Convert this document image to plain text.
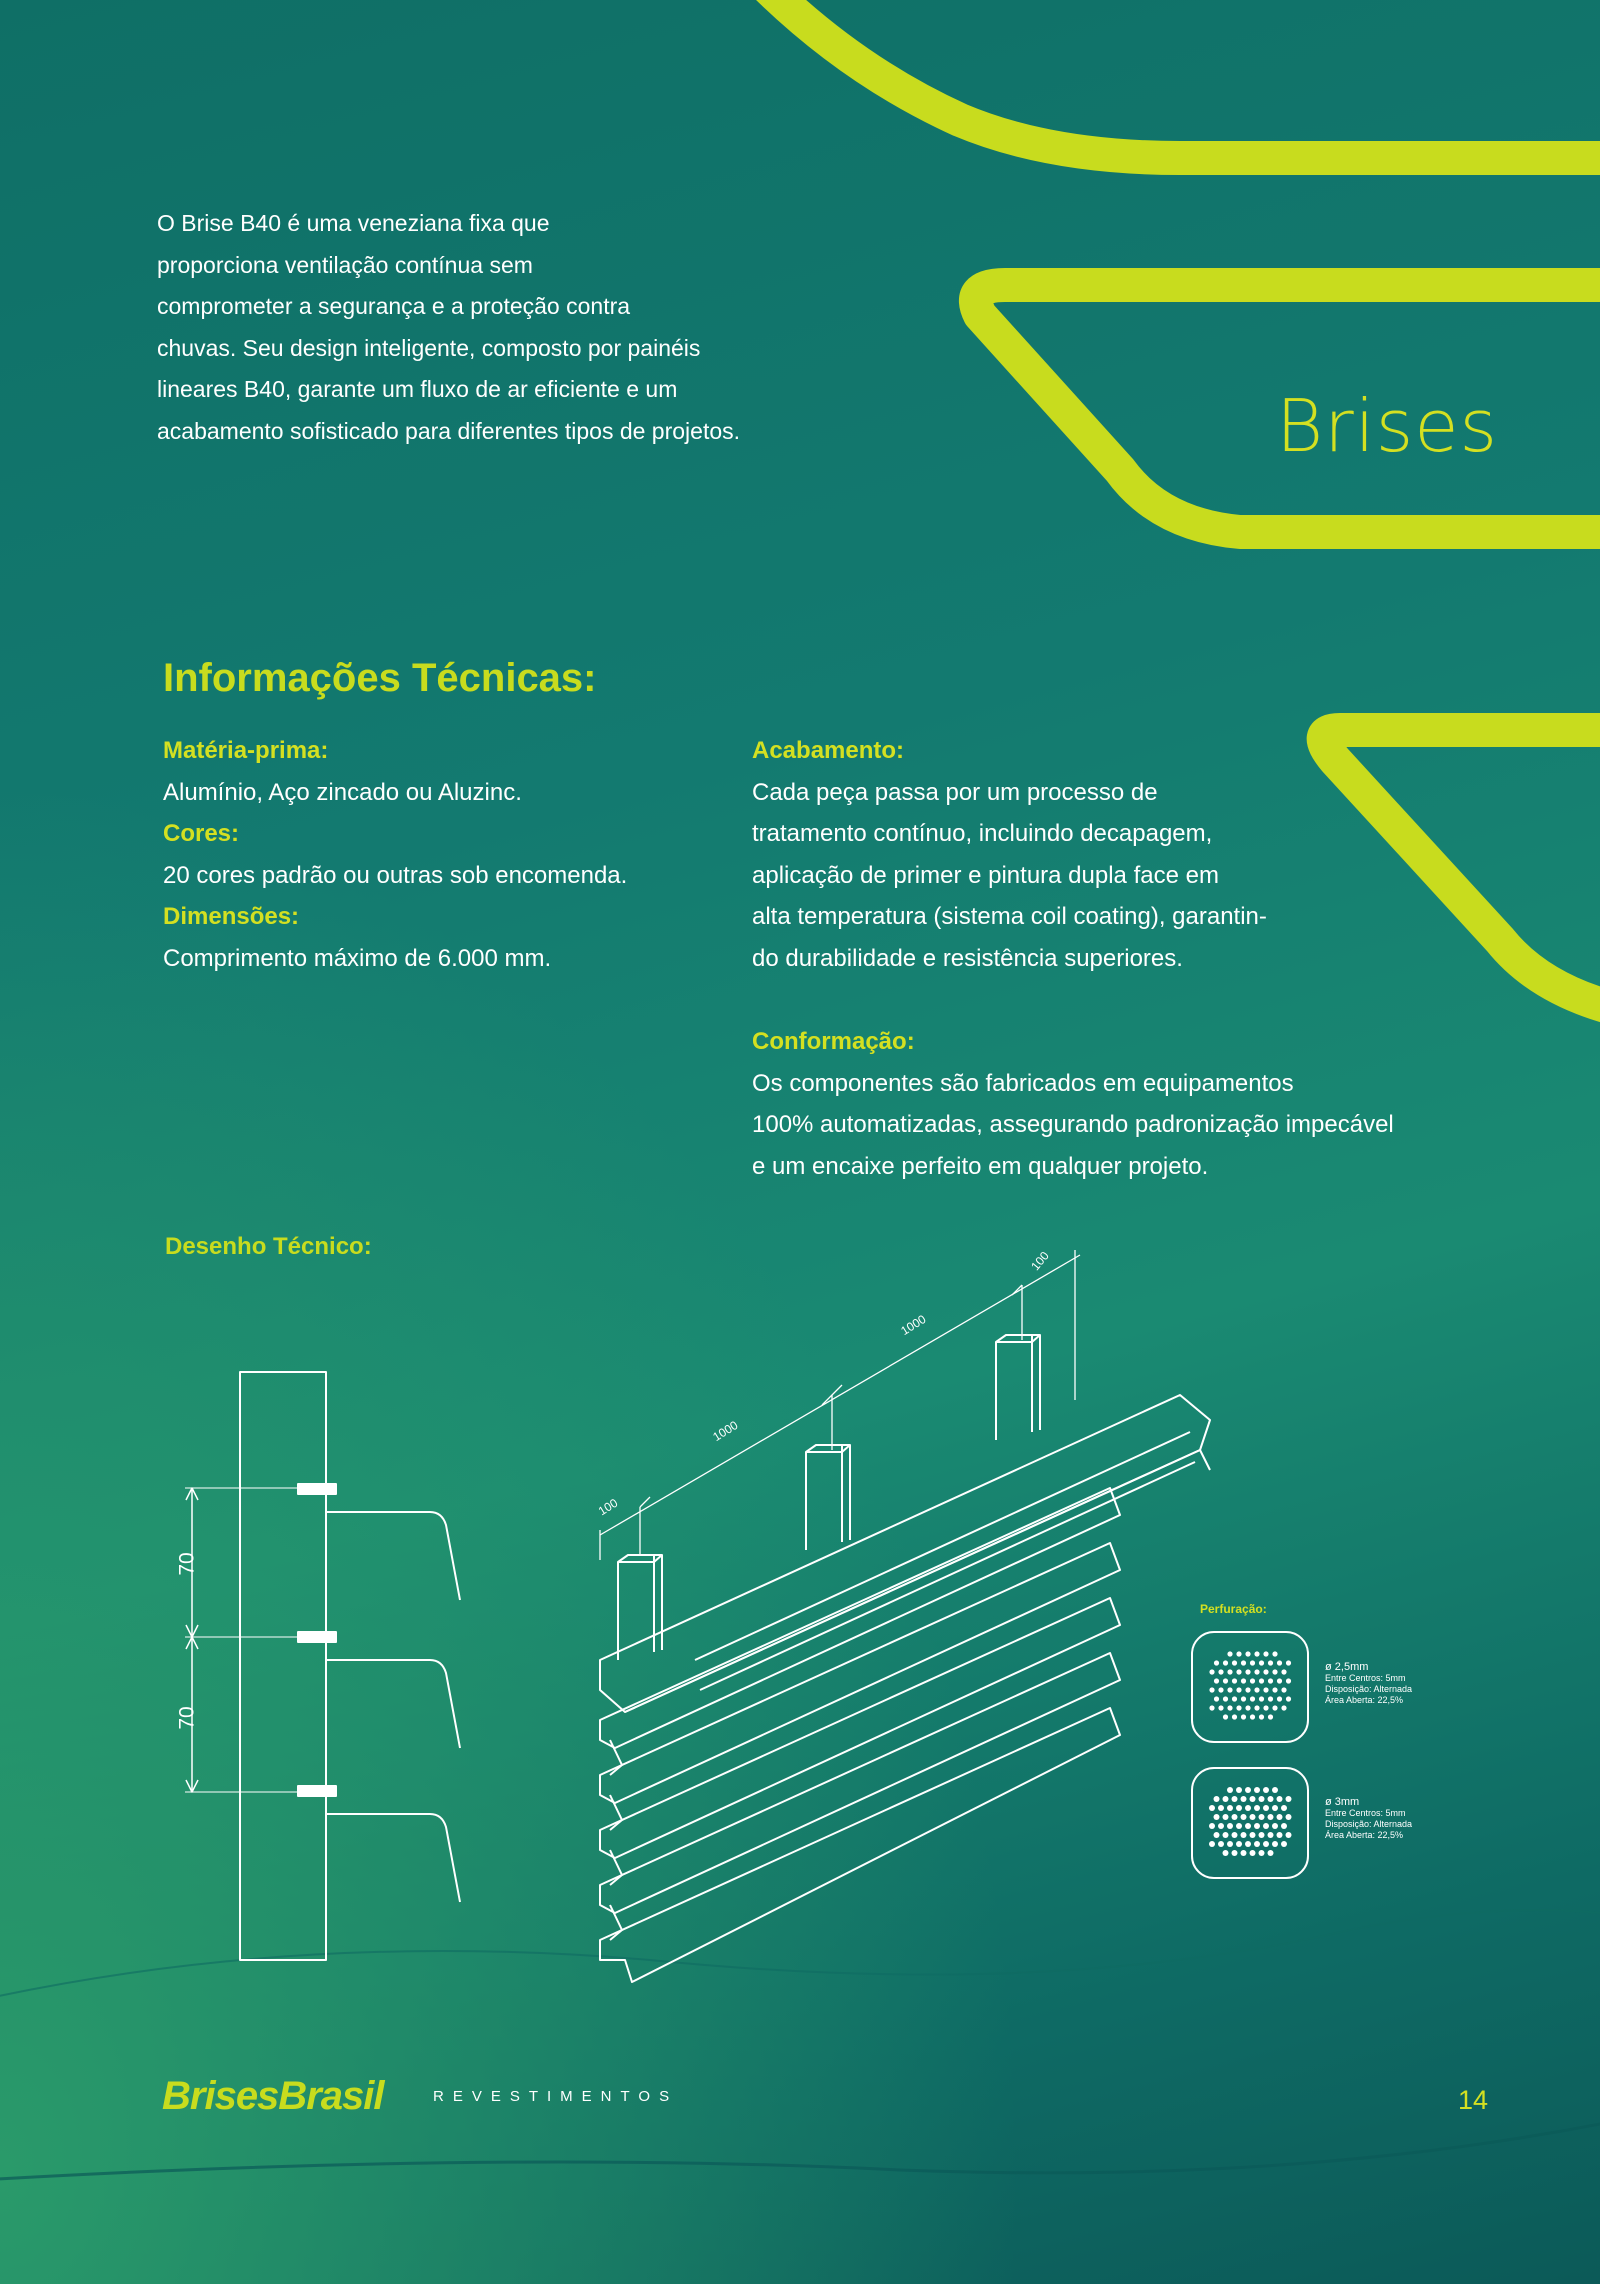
O Brise B40 é uma veneziana fixa que
proporciona ventilação contínua sem
comprometer a segurança e a proteção contra
chuvas. Seu design inteligente, composto por painéis
lineares B40, garante um fluxo de ar eficiente e um
acabamento sofisticado para diferentes tipos de projetos.	Brises
Informações Técnicas:
Matéria-prima:
Alumínio, Aço zincado ou Aluzinc.
Cores:
20 cores padrão ou outras sob encomenda.
Dimensões:
Comprimento máximo de 6.000 mm.
Acabamento:
Cada peça passa por um processo de
tratamento contínuo, incluindo decapagem,
aplicação de primer e pintura dupla face em
alta temperatura (sistema coil coating), garantin-
do durabilidade e resistência superiores.
Conformação:
Os componentes são fabricados em equipamentos
100% automatizadas, assegurando padronização impecável
e um encaixe perfeito em qualquer projeto.
Desenho Técnico:
70
70
100
1000
1000
100
Perfuração:
ø 2,5mm
Entre Centros: 5mm
Disposição: Alternada
Área Aberta: 22,5%
ø 3mm
Entre Centros: 5mm
Disposição: Alternada
Área Aberta: 22,5%
BrisesBrasil	REVESTIMENTOS	14
